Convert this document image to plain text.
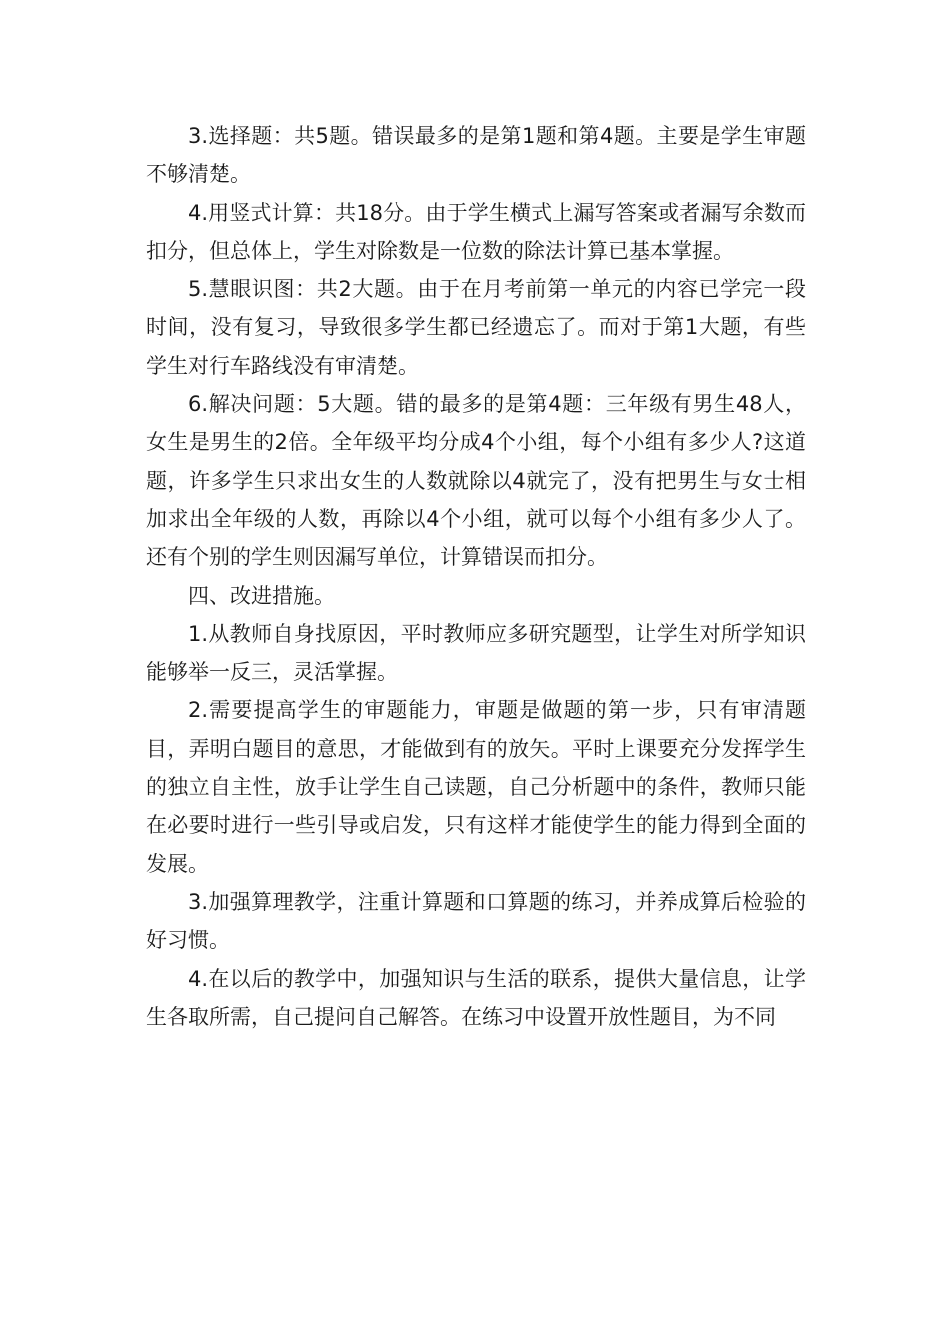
3.选择题：共5题。错误最多的是第1题和第4题。主要是学生审题不够清楚。

4.用竖式计算：共18分。由于学生横式上漏写答案或者漏写余数而扣分，但总体上，学生对除数是一位数的除法计算已基本掌握。

5.慧眼识图：共2大题。由于在月考前第一单元的内容已学完一段时间，没有复习，导致很多学生都已经遗忘了。而对于第1大题，有些学生对行车路线没有审清楚。

6.解决问题：5大题。错的最多的是第4题：三年级有男生48人，女生是男生的2倍。全年级平均分成4个小组，每个小组有多少人?这道题，许多学生只求出女生的人数就除以4就完了，没有把男生与女士相加求出全年级的人数，再除以4个小组，就可以每个小组有多少人了。还有个别的学生则因漏写单位，计算错误而扣分。

四、改进措施。

1.从教师自身找原因，平时教师应多研究题型，让学生对所学知识能够举一反三，灵活掌握。

2.需要提高学生的审题能力，审题是做题的第一步，只有审清题目，弄明白题目的意思，才能做到有的放矢。平时上课要充分发挥学生的独立自主性，放手让学生自己读题，自己分析题中的条件，教师只能在必要时进行一些引导或启发，只有这样才能使学生的能力得到全面的发展。

3.加强算理教学，注重计算题和口算题的练习，并养成算后检验的好习惯。

4.在以后的教学中，加强知识与生活的联系，提供大量信息，让学生各取所需，自己提问自己解答。在练习中设置开放性题目，为不同
